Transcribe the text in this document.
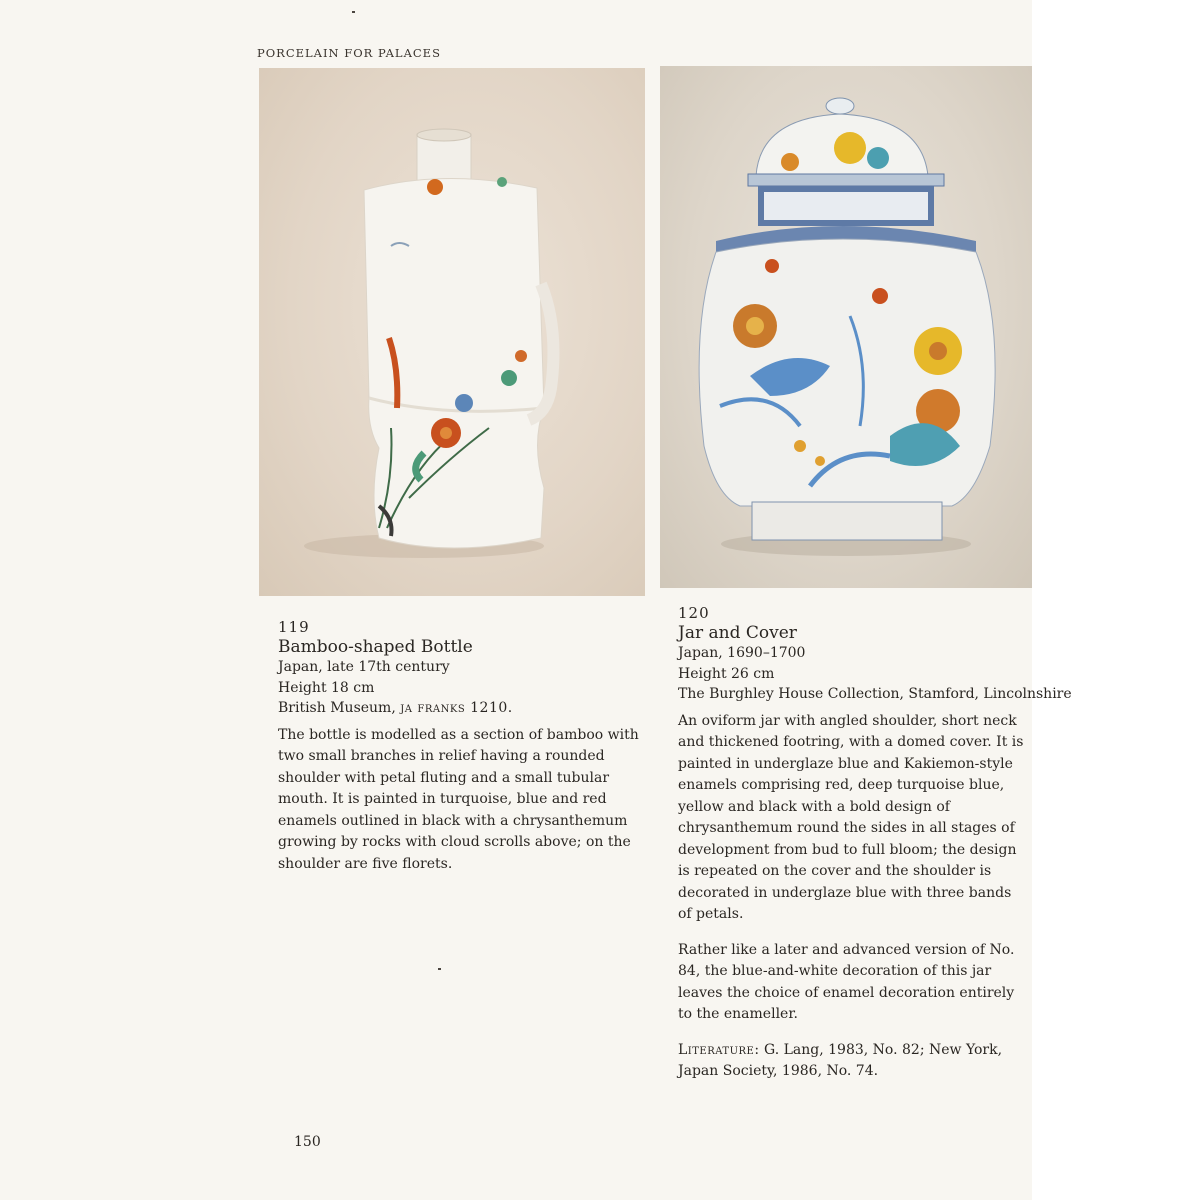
PORCELAIN FOR PALACES
119
Bamboo-shaped Bottle
Japan, late 17th century
Height 18 cm
British Museum, ja franks 1210.

The bottle is modelled as a section of bamboo with two small branches in relief having a rounded shoulder with petal fluting and a small tubular mouth. It is painted in turquoise, blue and red enamels outlined in black with a chrysanthemum growing by rocks with cloud scrolls above; on the shoulder are five florets.

120
Jar and Cover
Japan, 1690–1700
Height 26 cm
The Burghley House Collection, Stamford, Lincolnshire

An oviform jar with angled shoulder, short neck and thickened footring, with a domed cover. It is painted in underglaze blue and Kakiemon-style enamels comprising red, deep turquoise blue, yellow and black with a bold design of chrysanthemum round the sides in all stages of development from bud to full bloom; the design is repeated on the cover and the shoulder is decorated in underglaze blue with three bands of petals.

Rather like a later and advanced version of No. 84, the blue-and-white decoration of this jar leaves the choice of enamel decoration entirely to the enameller.

Literature: G. Lang, 1983, No. 82; New York, Japan Society, 1986, No. 74.

150
